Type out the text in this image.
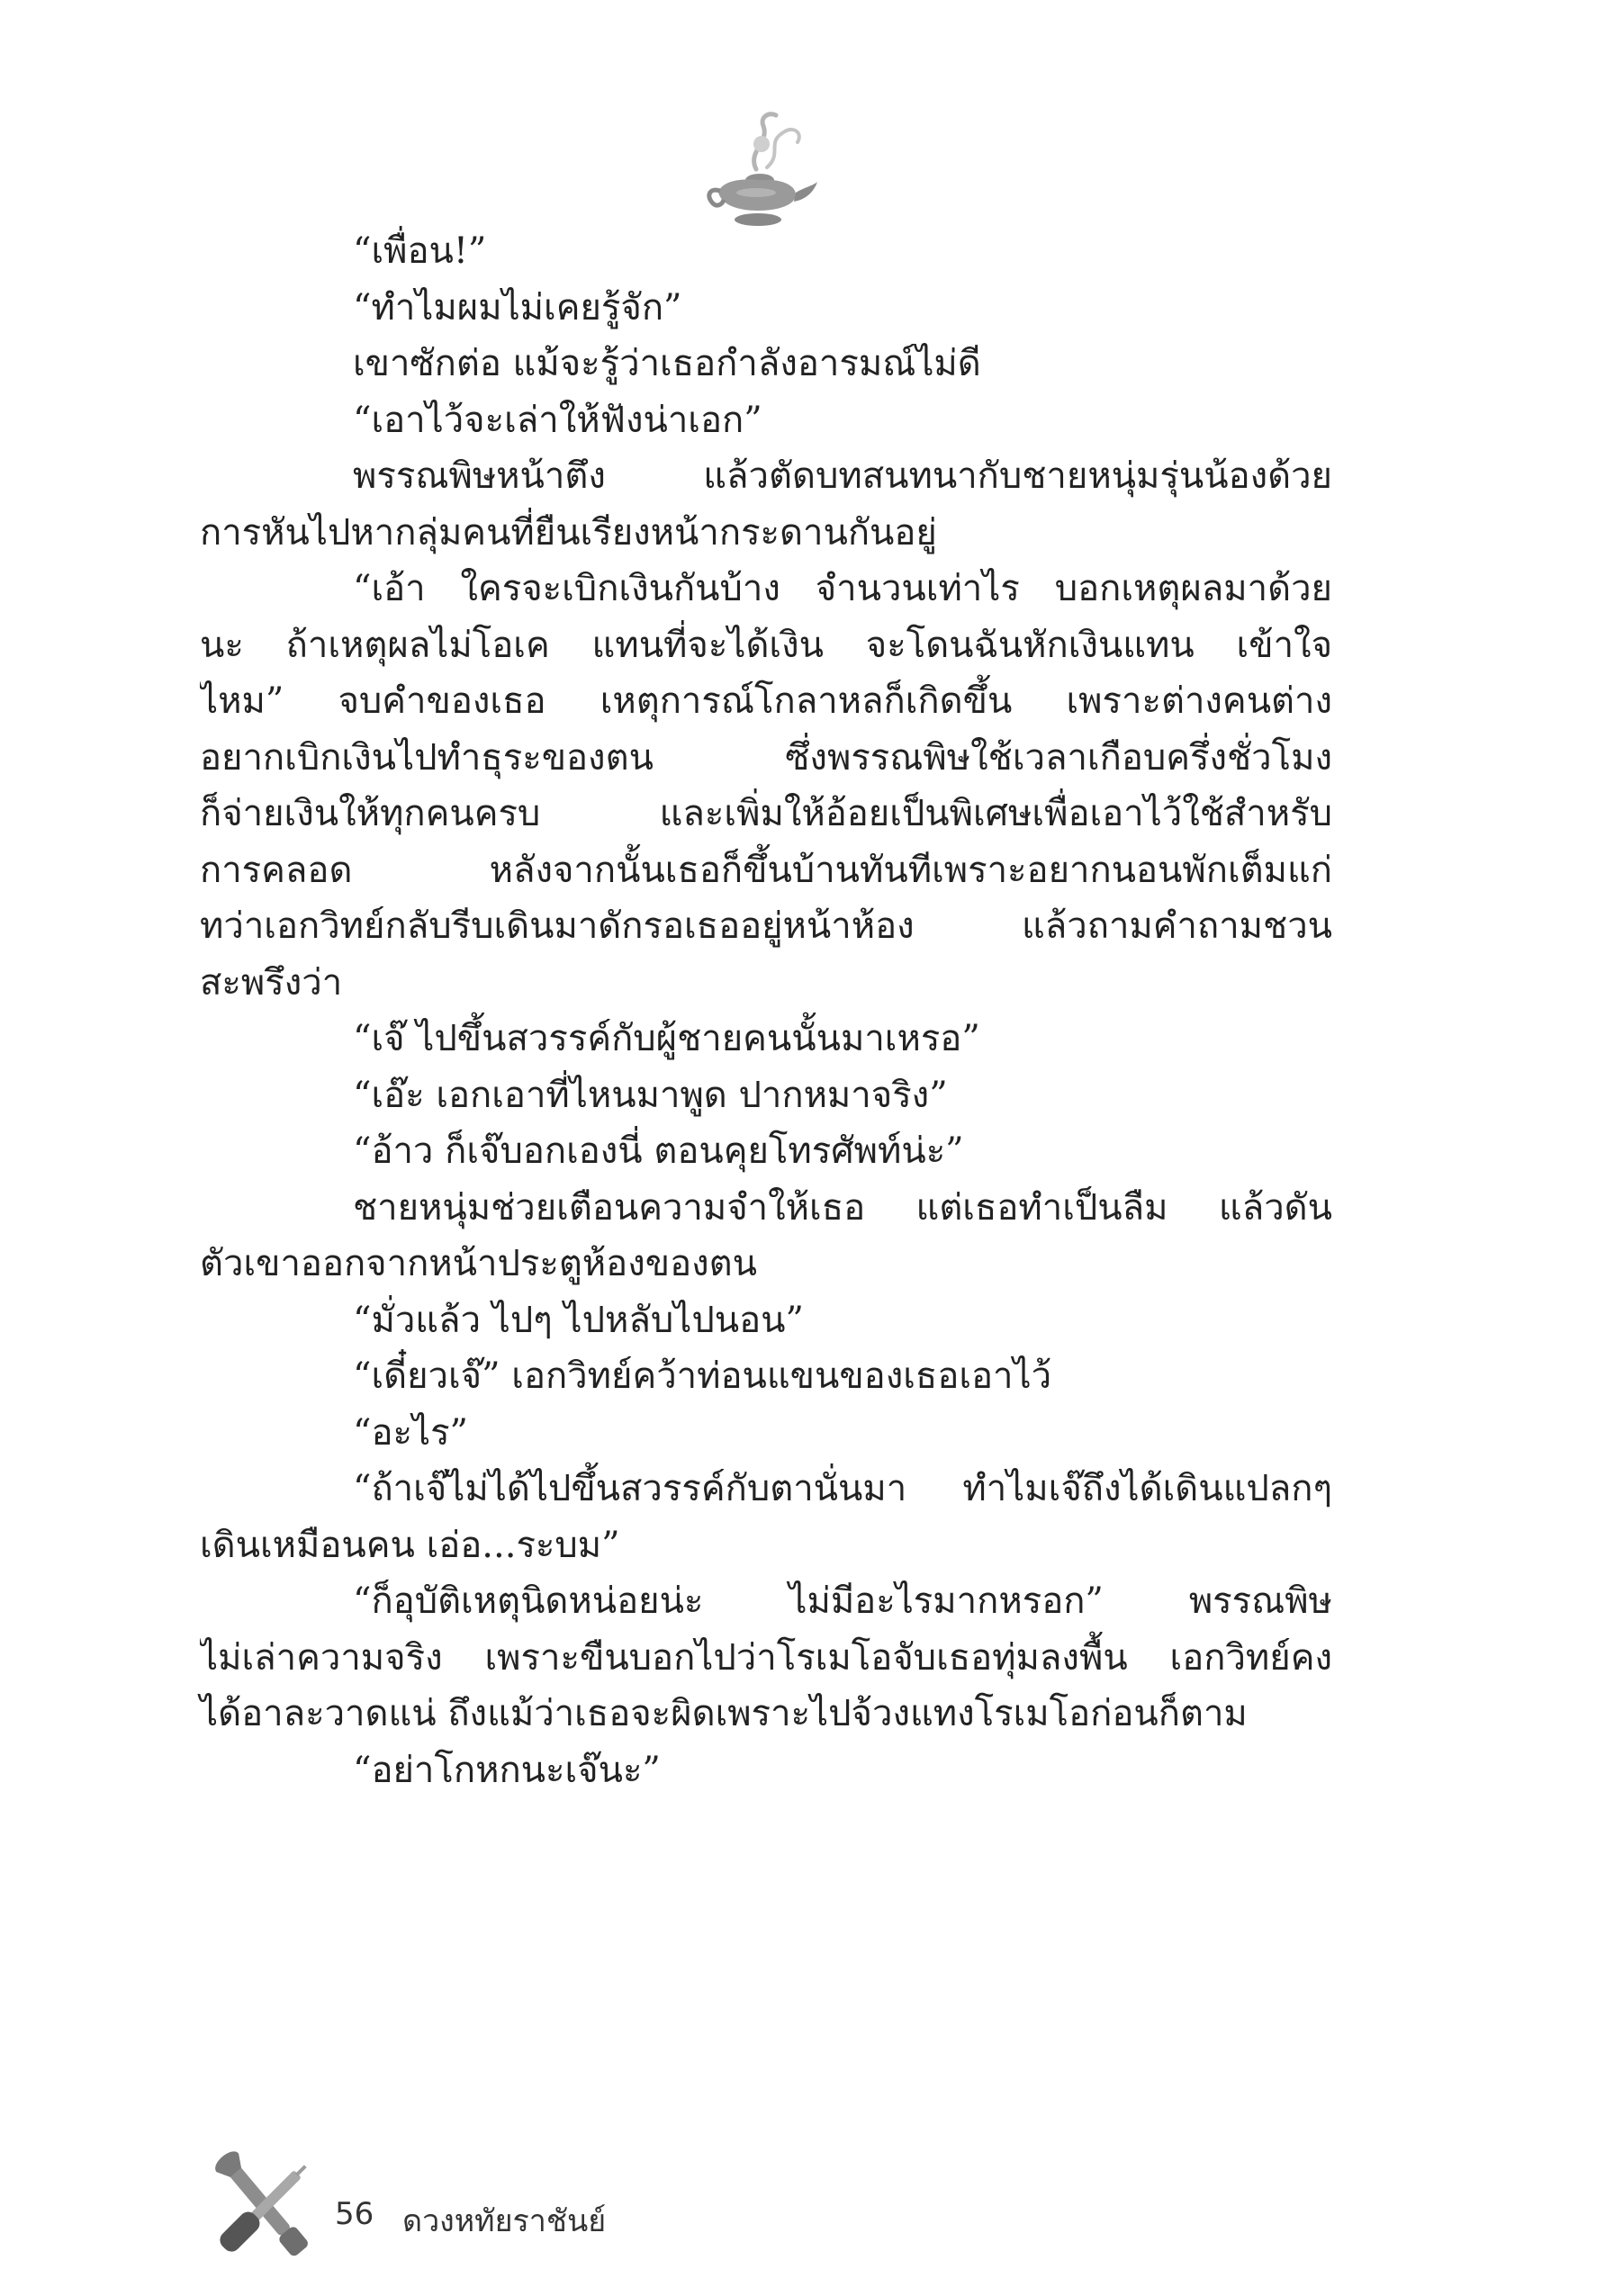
“เพื่อน!”
“ทำไมผมไม่เคยรู้จัก”
เขาซักต่อ แม้จะรู้ว่าเธอกำลังอารมณ์ไม่ดี
“เอาไว้จะเล่าให้ฟังน่าเอก”
พรรณพิษหน้าตึง แล้วตัดบทสนทนากับชายหนุ่มรุ่นน้องด้วย
การหันไปหากลุ่มคนที่ยืนเรียงหน้ากระดานกันอยู่
“เอ้า ใครจะเบิกเงินกันบ้าง จำนวนเท่าไร บอกเหตุผลมาด้วย
นะ ถ้าเหตุผลไม่โอเค แทนที่จะได้เงิน จะโดนฉันหักเงินแทน เข้าใจ
ไหม” จบคำของเธอ เหตุการณ์โกลาหลก็เกิดขึ้น เพราะต่างคนต่าง
อยากเบิกเงินไปทำธุระของตน ซึ่งพรรณพิษใช้เวลาเกือบครึ่งชั่วโมง
ก็จ่ายเงินให้ทุกคนครบ และเพิ่มให้อ้อยเป็นพิเศษเพื่อเอาไว้ใช้สำหรับ
การคลอด หลังจากนั้นเธอก็ขึ้นบ้านทันทีเพราะอยากนอนพักเต็มแก่
ทว่าเอกวิทย์กลับรีบเดินมาดักรอเธออยู่หน้าห้อง แล้วถามคำถามชวน
สะพรึงว่า
“เจ๊ ไปขึ้นสวรรค์กับผู้ชายคนนั้นมาเหรอ”
“เอ๊ะ เอกเอาที่ไหนมาพูด ปากหมาจริง”
“อ้าว ก็เจ๊บอกเองนี่ ตอนคุยโทรศัพท์น่ะ”
ชายหนุ่มช่วยเตือนความจำให้เธอ แต่เธอทำเป็นลืม แล้วดัน
ตัวเขาออกจากหน้าประตูห้องของตน
“มั่วแล้ว ไปๆ ไปหลับไปนอน”
“เดี๋ยวเจ๊” เอกวิทย์คว้าท่อนแขนของเธอเอาไว้
“อะไร”
“ถ้าเจ๊ไม่ได้ไปขึ้นสวรรค์กับตานั่นมา ทำไมเจ๊ถึงได้เดินแปลกๆ
เดินเหมือนคน เอ่อ...ระบม”
“ก็อุบัติเหตุนิดหน่อยน่ะ ไม่มีอะไรมากหรอก” พรรณพิษ
ไม่เล่าความจริง เพราะขืนบอกไปว่าโรเมโอจับเธอทุ่มลงพื้น เอกวิทย์คง
ได้อาละวาดแน่ ถึงแม้ว่าเธอจะผิดเพราะไปจ้วงแทงโรเมโอก่อนก็ตาม
“อย่าโกหกนะเจ๊นะ”
56 ดวงหทัยราชันย์
